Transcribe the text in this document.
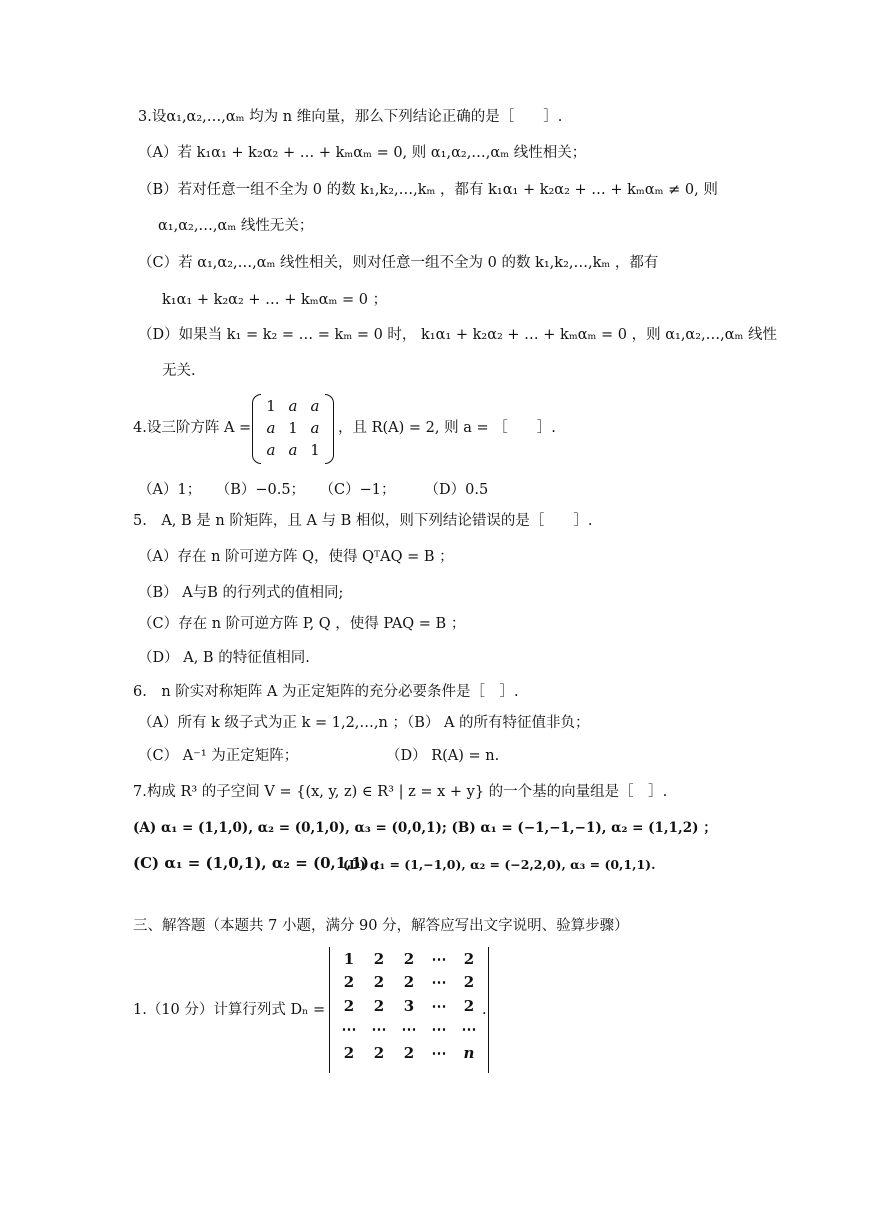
3.设α₁,α₂,…,αₘ 均为 n 维向量，那么下列结论正确的是［　　］.
（A）若 k₁α₁ + k₂α₂ + … + kₘαₘ = 0, 则 α₁,α₂,…,αₘ 线性相关；
（B）若对任意一组不全为 0 的数 k₁,k₂,…,kₘ ，都有 k₁α₁ + k₂α₂ + … + kₘαₘ ≠ 0, 则
α₁,α₂,…,αₘ 线性无关；
（C）若 α₁,α₂,…,αₘ 线性相关，则对任意一组不全为 0 的数 k₁,k₂,…,kₘ ，都有
k₁α₁ + k₂α₂ + … + kₘαₘ = 0 ；
（D）如果当 k₁ = k₂ = … = kₘ = 0 时， k₁α₁ + k₂α₂ + … + kₘαₘ = 0 ，则 α₁,α₂,…,αₘ 线性
无关.
4.设三阶方阵 A =
1 a a
a 1 a
a a 1
，且 R(A) = 2, 则 a = ［　　］.
（A）1；　　（B）−0.5；　　（C）−1；　　　（D）0.5
5.　A, B 是 n 阶矩阵，且 A 与 B 相似，则下列结论错误的是［　　］.
（A）存在 n 阶可逆方阵 Q，使得 QᵀAQ = B ；
（B） A与B 的行列式的值相同;
（C）存在 n 阶可逆方阵 P, Q ，使得 PAQ = B ；
（D） A, B 的特征值相同.
6.　n 阶实对称矩阵 A 为正定矩阵的充分必要条件是［　］.
（A）所有 k 级子式为正 k = 1,2,…,n ；（B） A 的所有特征值非负；
（C） A⁻¹ 为正定矩阵；	（D） R(A) = n.
7.构成 R³ 的子空间 V = {(x, y, z) ∈ R³ | z = x + y} 的一个基的向量组是［　］.
(A) α₁ = (1,1,0), α₂ = (0,1,0), α₃ = (0,0,1); (B) α₁ = (−1,−1,−1), α₂ = (1,1,2) ；
(C) α₁ = (1,0,1), α₂ = (0,1,1) ;
(D) α₁ = (1,−1,0), α₂ = (−2,2,0), α₃ = (0,1,1).
三、解答题（本题共 7 小题，满分 90 分，解答应写出文字说明、验算步骤）
1.（10 分）计算行列式 Dₙ =
1	2	2	⋯	2
2	2	2	⋯	2
2	2	3	⋯	2
⋯	⋯	⋯	⋯	⋯
2	2	2	⋯	n
.
